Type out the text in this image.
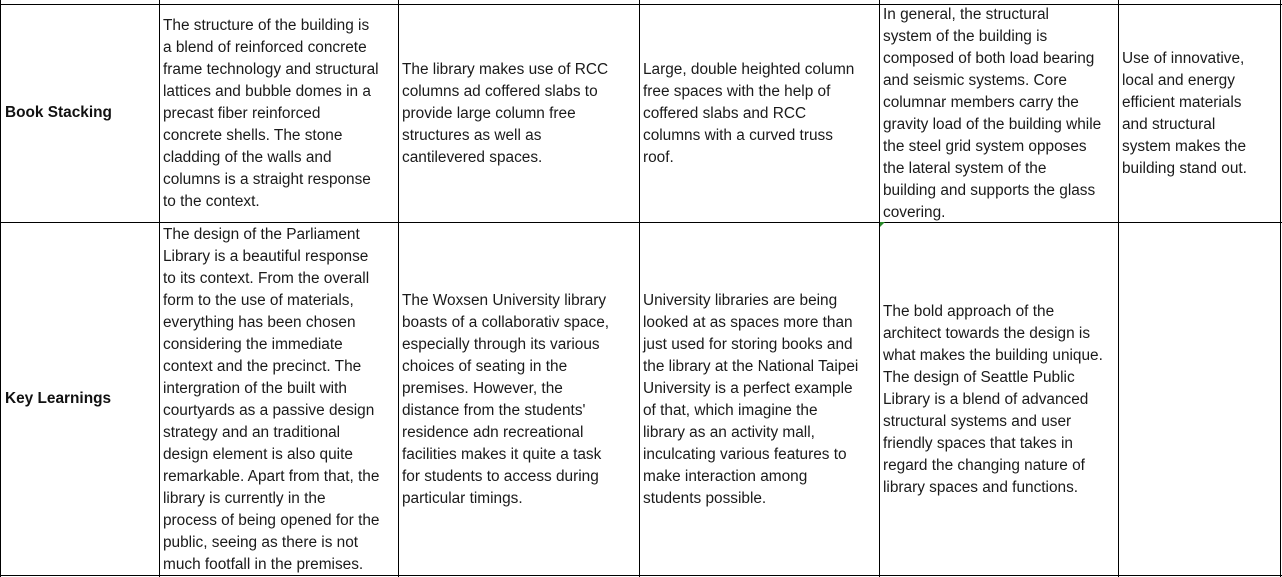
Book Stacking
The structure of the building is
a blend of reinforced concrete
frame technology and structural
lattices and bubble domes in a
precast fiber reinforced
concrete shells. The stone
cladding of the walls and
columns is a straight response
to the context.
The library makes use of RCC
columns ad coffered slabs to
provide large column free
structures as well as
cantilevered spaces.
Large, double heighted column
free spaces with the help of
coffered slabs and RCC
columns with a curved truss
roof.
In general, the structural
system of the building is
composed of both load bearing
and seismic systems. Core
columnar members carry the
gravity load of the building while
the steel grid system opposes
the lateral system of the
building and supports the glass
covering.
Use of innovative,
local and energy
efficient materials
and structural
system makes the
building stand out.
Key Learnings
The design of the Parliament
Library is a beautiful response
to its context. From the overall
form to the use of materials,
everything has been chosen
considering the immediate
context and the precinct. The
intergration of the built with
courtyards as a passive design
strategy and an traditional
design element is also quite
remarkable. Apart from that, the
library is currently in the
process of being opened for the
public, seeing as there is not
much footfall in the premises.
The Woxsen University library
boasts of a collaborativ space,
especially through its various
choices of seating in the
premises. However, the
distance from the students'
residence adn recreational
facilities makes it quite a task
for students to access during
particular timings.
University libraries are being
looked at as spaces more than
just used for storing books and
the library at the National Taipei
University is a perfect example
of that, which imagine the
library as an activity mall,
inculcating various features to
make interaction among
students possible.
The bold approach of the
architect towards the design is
what makes the building unique.
The design of Seattle Public
Library is a blend of advanced
structural systems and user
friendly spaces that takes in
regard the changing nature of
library spaces and functions.
